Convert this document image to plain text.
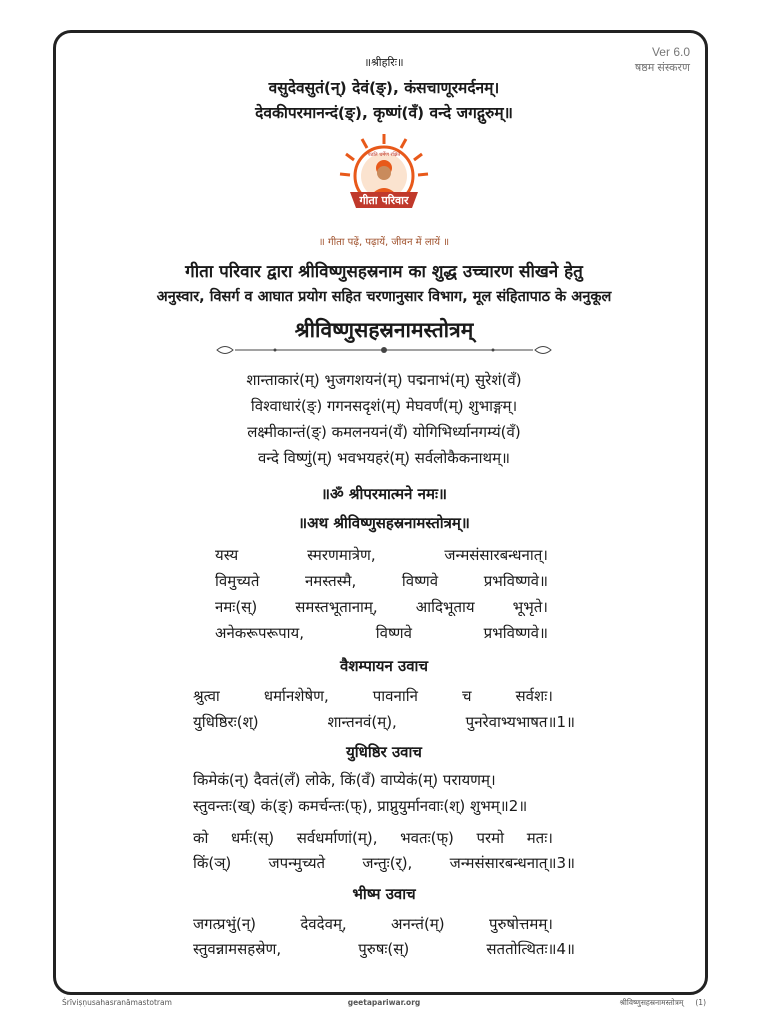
Ver 6.0
षष्ठम संस्करण
॥श्रीहरिः॥
वसुदेवसुतं(न्) देवं(ङ्), कंसचाणूरमर्दनम्।
देवकीपरमानन्दं(ङ्), कृष्णं(वँ) वन्दे जगद्गुरुम्॥
गीता परिवार
पठति धर्मेण रक्षिते
॥ गीता पढ़ें, पढ़ायें, जीवन में लायें ॥
गीता परिवार द्वारा श्रीविष्णुसहस्रनाम का शुद्ध उच्चारण सीखने हेतु
अनुस्वार, विसर्ग व आघात प्रयोग सहित चरणानुसार विभाग, मूल संहितापाठ के अनुकूल
श्रीविष्णुसहस्रनामस्तोत्रम्
शान्ताकारं(म्) भुजगशयनं(म्) पद्मनाभं(म्) सुरेशं(वँ)
विश्वाधारं(ङ्) गगनसदृशं(म्) मेघवर्णं(म्) शुभाङ्गम्।
लक्ष्मीकान्तं(ङ्) कमलनयनं(यँ) योगिभिर्ध्यानगम्यं(वँ)
वन्दे विष्णुं(म्) भवभयहरं(म्) सर्वलोकैकनाथम्॥
॥ॐ श्रीपरमात्मने नमः॥
॥अथ श्रीविष्णुसहस्रनामस्तोत्रम्॥
यस्य	स्मरणमात्रेण,	जन्मसंसारबन्धनात्।
विमुच्यते	नमस्तस्मै,	विष्णवे	प्रभविष्णवे॥
नमः(स्)	समस्तभूतानाम्,	आदिभूताय	भूभृते।
अनेकरूपरूपाय,	विष्णवे	प्रभविष्णवे॥
वैशम्पायन उवाच
श्रुत्वा	धर्मानशेषेण,	पावनानि	च	सर्वशः।
युधिष्ठिरः(श्)	शान्तनवं(म्),	पुनरेवाभ्यभाषत॥1॥
युधिष्ठिर उवाच
किमेकं(न्) दैवतं(लँ) लोके, किं(वँ) वाप्येकं(म्) परायणम्।
स्तुवन्तः(ख्) कं(ङ्) कमर्चन्तः(फ्), प्राप्नुयुर्मानवाः(श्) शुभम्॥2॥
को धर्मः(स्) सर्वधर्माणां(म्), भवतः(फ्) परमो मतः।
किं(ञ्) जपन्मुच्यते जन्तुः(र्), जन्मसंसारबन्धनात्॥3॥
भीष्म उवाच
जगत्प्रभुं(न्)	देवदेवम्,	अनन्तं(म्)	पुरुषोत्तमम्।
स्तुवन्नामसहस्रेण,	पुरुषः(स्)	सततोत्थितः॥4॥
Śrīviṣṇusahasranāmastotram	geetapariwar.org	श्रीविष्णुसहस्रनामस्तोत्रम् (1)
